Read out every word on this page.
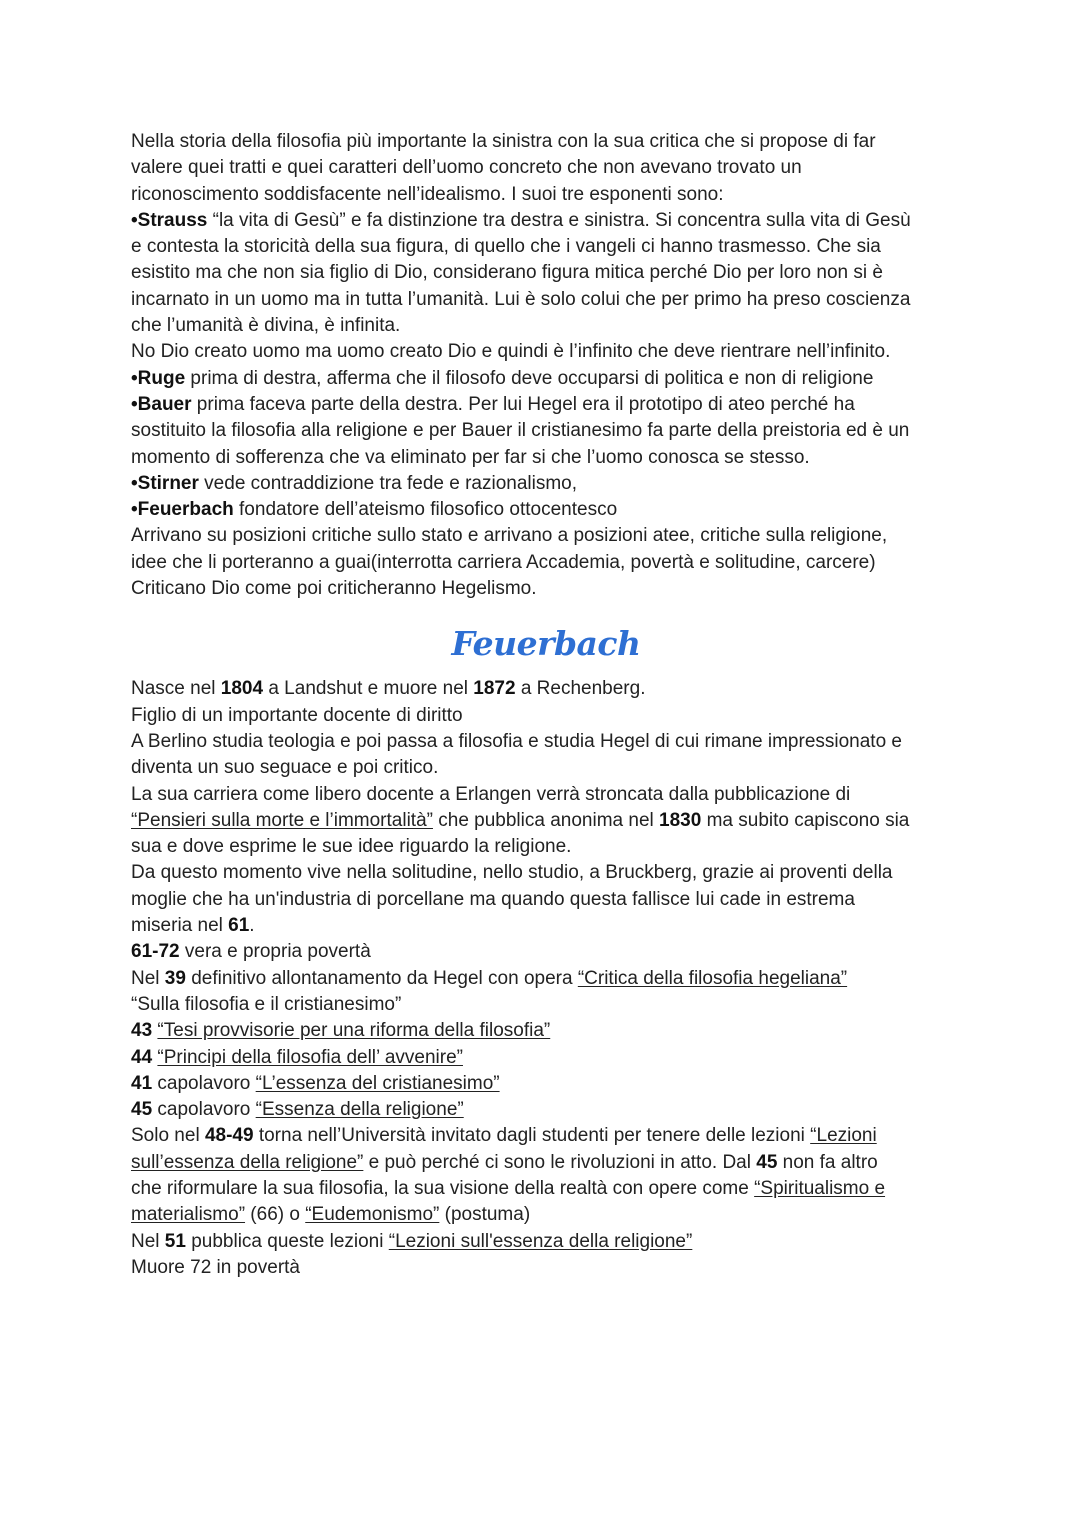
Nella storia della filosofia più importante la sinistra con la sua critica che si propose di far
valere quei tratti e quei caratteri dell’uomo concreto che non avevano trovato un
riconoscimento soddisfacente nell’idealismo. I suoi tre esponenti sono:
•Strauss “la vita di Gesù” e fa distinzione tra destra e sinistra. Si concentra sulla vita di Gesù
e contesta la storicità della sua figura, di quello che i vangeli ci hanno trasmesso. Che sia
esistito ma che non sia figlio di Dio, considerano figura mitica perché Dio per loro non si è
incarnato in un uomo ma in tutta l’umanità. Lui è solo colui che per primo ha preso coscienza
che l’umanità è divina, è infinita.
No Dio creato uomo ma uomo creato Dio e quindi è l’infinito che deve rientrare nell’infinito.
•Ruge prima di destra, afferma che il filosofo deve occuparsi di politica e non di religione
•Bauer prima faceva parte della destra. Per lui Hegel era il prototipo di ateo perché ha
sostituito la filosofia alla religione e per Bauer il cristianesimo fa parte della preistoria ed è un
momento di sofferenza che va eliminato per far si che l’uomo conosca se stesso.
•Stirner vede contraddizione tra fede e razionalismo,
•Feuerbach fondatore dell’ateismo filosofico ottocentesco
Arrivano su posizioni critiche sullo stato e arrivano a posizioni atee, critiche sulla religione,
idee che li porteranno a guai(interrotta carriera Accademia, povertà e solitudine, carcere)
Criticano Dio come poi criticheranno Hegelismo.
Feuerbach
Nasce nel 1804 a Landshut e muore nel 1872 a Rechenberg.
Figlio di un importante docente di diritto
A Berlino studia teologia e poi passa a filosofia e studia Hegel di cui rimane impressionato e
diventa un suo seguace e poi critico.
La sua carriera come libero docente a Erlangen verrà stroncata dalla pubblicazione di
“Pensieri sulla morte e l’immortalità” che pubblica anonima nel 1830 ma subito capiscono sia
sua e dove esprime le sue idee riguardo la religione.
Da questo momento vive nella solitudine, nello studio, a Bruckberg, grazie ai proventi della
moglie che ha un'industria di porcellane ma quando questa fallisce lui cade in estrema
miseria nel 61.
61-72 vera e propria povertà
Nel 39 definitivo allontanamento da Hegel con opera “Critica della filosofia hegeliana”
“Sulla filosofia e il cristianesimo”
43 “Tesi provvisorie per una riforma della filosofia”
44 “Principi della filosofia dell’ avvenire”
41 capolavoro “L’essenza del cristianesimo”
45 capolavoro “Essenza della religione”
Solo nel 48-49 torna nell’Università invitato dagli studenti per tenere delle lezioni “Lezioni
sull’essenza della religione” e può perché ci sono le rivoluzioni in atto. Dal 45 non fa altro
che riformulare la sua filosofia, la sua visione della realtà con opere come “Spiritualismo e
materialismo” (66) o “Eudemonismo” (postuma)
Nel 51 pubblica queste lezioni “Lezioni sull'essenza della religione”
Muore 72 in povertà
